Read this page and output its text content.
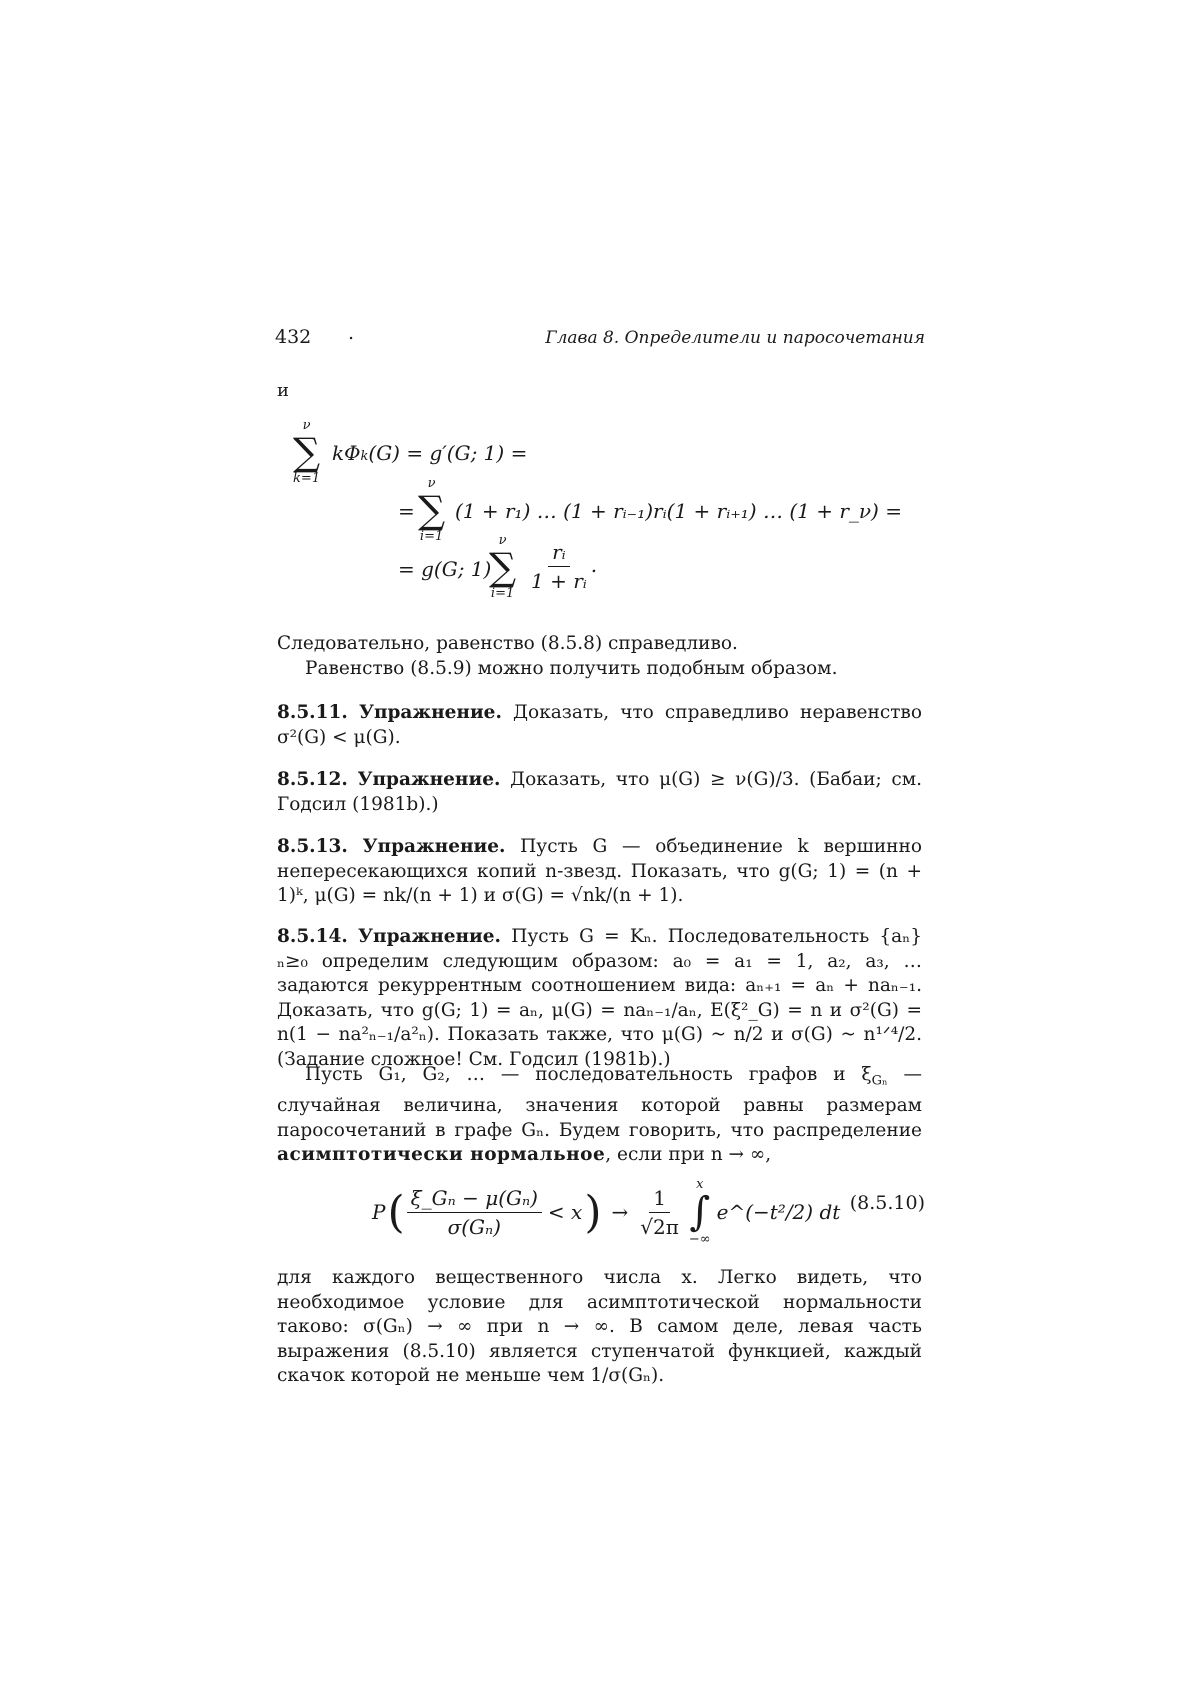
432 .	Глава 8. Определители и паросочетания
и
ν
∑
k=1
kΦk(G) = g′(G; 1) =
=
ν
∑
i=1
(1 + r₁) … (1 + rᵢ₋₁)rᵢ(1 + rᵢ₊₁) … (1 + r_ν) =
= g(G; 1)
ν
∑
i=1
$\frac{\text{rᵢ}}{\text{1 + rᵢ}}$ .
Следовательно, равенство (8.5.8) справедливо.
Равенство (8.5.9) можно получить подобным образом.
8.5.11. Упражнение. Доказать, что справедливо неравенство σ²(G) < μ(G).
8.5.12. Упражнение. Доказать, что μ(G) ≥ ν(G)/3. (Бабаи; см. Годсил (1981b).)
8.5.13. Упражнение. Пусть G — объединение k вершинно непересекающихся копий n-звезд. Показать, что g(G; 1) = (n + 1)ᵏ, μ(G) = nk/(n + 1) и σ(G) = √nk/(n + 1).
8.5.14. Упражнение. Пусть G = Kₙ. Последовательность {aₙ}ₙ≥₀ определим следующим образом: a₀ = a₁ = 1, a₂, a₃, … задаются рекуррентным соотношением вида: aₙ₊₁ = aₙ + naₙ₋₁. Доказать, что g(G; 1) = aₙ, μ(G) = naₙ₋₁/aₙ, E(ξ²_G) = n и σ²(G) = n(1 − na²ₙ₋₁/a²ₙ). Показать также, что μ(G) ~ n/2 и σ(G) ~ n¹ᐟ⁴/2. (Задание сложное! См. Годсил (1981b).)
Пусть G₁, G₂, … — последовательность графов и $\xi_{G_n}$ — случайная величина, значения которой равны размерам паросочетаний в графе Gₙ. Будем говорить, что распределение асимптотически нормальное, если при n → ∞,
P ( $\frac{\text{ξ\_Gₙ − μ(Gₙ)}}{\text{σ(Gₙ)}} < x$ ) → $\frac{1}{√2\pi}$
x
∫
−∞
e^(−t²/2) dt (8.5.10)
для каждого вещественного числа x. Легко видеть, что необходимое условие для асимптотической нормальности таково: σ(Gₙ) → ∞ при n → ∞. В самом деле, левая часть выражения (8.5.10) является ступенчатой функцией, каждый скачок которой не меньше чем 1/σ(Gₙ).
